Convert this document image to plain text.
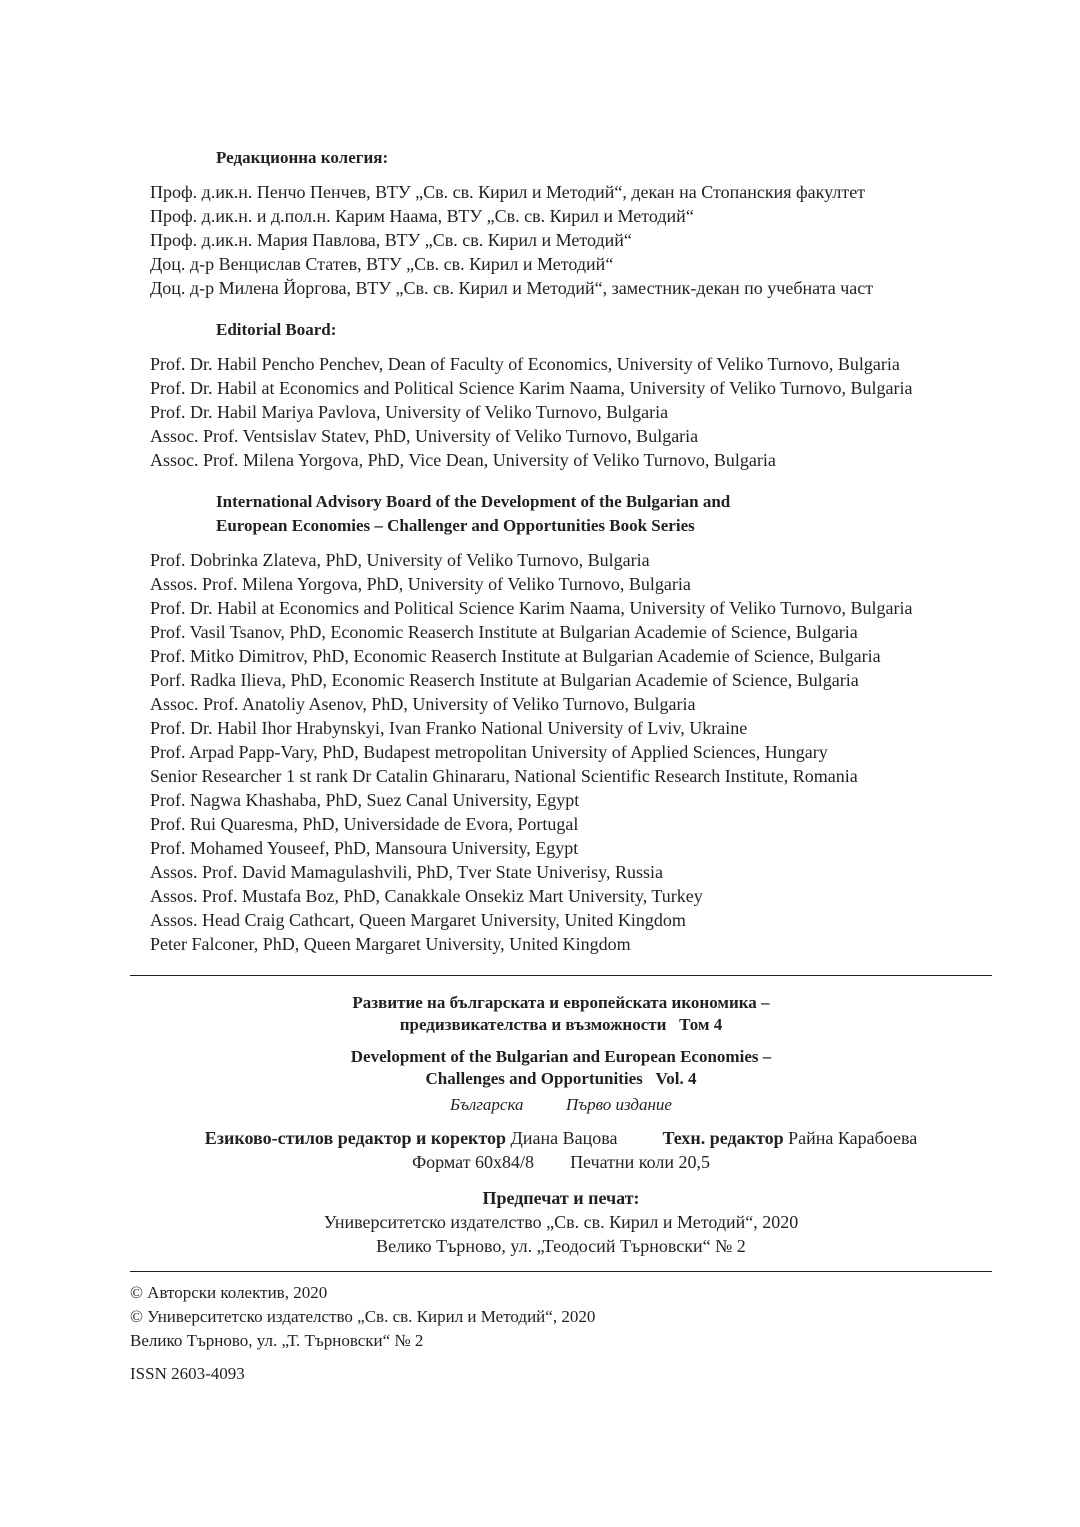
Редакционна колегия:
Проф. д.ик.н. Пенчо Пенчев, ВТУ „Св. св. Кирил и Методий“, декан на Стопанския факултет
Проф. д.ик.н. и д.пол.н. Карим Наама, ВТУ „Св. св. Кирил и Методий“
Проф. д.ик.н. Мария Павлова, ВТУ „Св. св. Кирил и Методий“
Доц. д-р Венцислав Статев, ВТУ „Св. св. Кирил и Методий“
Доц. д-р Милена Йоргова, ВТУ „Св. св. Кирил и Методий“, заместник-декан по учебната част
Editorial Board:
Prof. Dr. Habil Pencho Penchev, Dean of Faculty of Economics, University of Veliko Turnovo, Bulgaria
Prof. Dr. Habil at Economics and Political Science Karim Naama, University of Veliko Turnovo, Bulgaria
Prof. Dr. Habil Mariya Pavlova, University of Veliko Turnovo, Bulgaria
Assoc. Prof. Ventsislav Statev, PhD, University of Veliko Turnovo, Bulgaria
Assoc. Prof. Milena Yorgova, PhD, Vice Dean, University of Veliko Turnovo, Bulgaria
International Advisory Board of the Development of the Bulgarian and
European Economies – Challenger and Opportunities Book Series
Prof. Dobrinka Zlateva, PhD, University of Veliko Turnovo, Bulgaria
Assos. Prof. Milena Yorgova, PhD, University of Veliko Turnovo, Bulgaria
Prof. Dr. Habil at Economics and Political Science Karim Naama, University of Veliko Turnovo, Bulgaria
Prof. Vasil Tsanov, PhD, Economic Reaserch Institute at Bulgarian Academie of Science, Bulgaria
Prof. Mitko Dimitrov, PhD, Economic Reaserch Institute at Bulgarian Academie of Science, Bulgaria
Porf. Radka Ilieva, PhD, Economic Reaserch Institute at Bulgarian Academie of Science, Bulgaria
Assoc. Prof. Anatoliy Asenov, PhD, University of Veliko Turnovo, Bulgaria
Prof. Dr. Habil Ihor Hrabynskyi, Ivan Franko National University of Lviv, Ukraine
Prof. Arpad Papp-Vary, PhD, Budapest metropolitan University of Applied Sciences, Hungary
Senior Researcher 1 st rank Dr Catalin Ghinararu, National Scientific Research Institute, Romania
Prof. Nagwa Khashaba, PhD, Suez Canal University, Egypt
Prof. Rui Quaresma, PhD, Universidade de Evora, Portugal
Prof. Mohamed Youseef, PhD, Mansoura University, Egypt
Assos. Prof. David Mamagulashvili, PhD, Tver State Univerisy, Russia
Assos. Prof. Mustafa Boz, PhD, Canakkale Onsekiz Mart University, Turkey
Assos. Head Craig Cathcart, Queen Margaret University, United Kingdom
Peter Falconer, PhD, Queen Margaret University, United Kingdom
Развитие на българската и европейската икономика –
предизвикателства и възможности Том 4
Development of the Bulgarian and European Economies –
Challenges and Opportunities Vol. 4
Българска	Първо издание
Езиково-стилов редактор и коректор Диана Вацова	Техн. редактор Райна Карабоева
Формат 60x84/8 Печатни коли 20,5
Предпечат и печат:
Университетско издателство „Св. св. Кирил и Методий“, 2020
Велико Търново, ул. „Теодосий Търновски“ № 2
© Авторски колектив, 2020
© Университетско издателство „Св. св. Кирил и Методий“, 2020
Велико Търново, ул. „Т. Търновски“ № 2
ISSN 2603-4093
